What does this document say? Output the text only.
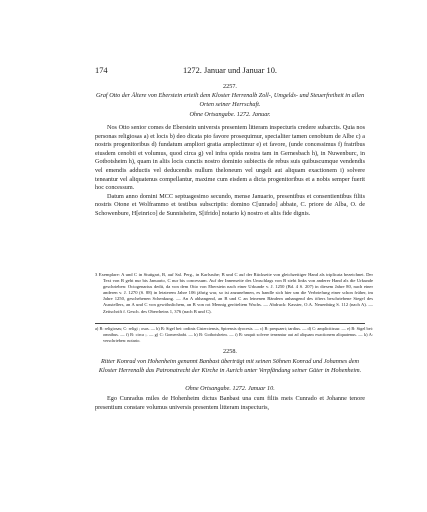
174	1272. Januar und Januar 10.
2257.
Graf Otto der Ältere von Eberstein erteilt dem Kloster Herrenalb Zoll-, Umgelds- und Steuerfreiheit in allen Orten seiner Herrschaft.
Ohne Ortsangabe. 1272. Januar.

Nos Otto senior comes de Eberstein universis presentem litteram inspecturis credere subarctis. Quia nos personas religiosas a) et locis b) deo dicata pio favore prosequimur, specialiter tamen cenobium de Albe c) a nostris progenitoribus d) fundatum ampliori gratia amplectimur e) et favore, (unde concessimus f) fratribus eiusdem cenobii et volumus, quod circa g) vel infra opida nostra tam in Gernesbach h), in Nuwenburc, in Gotbotsheim h), quam in aliis locis cunctis nostro dominio subiectis de rebus suis quibuscumque vendendis vel emendis adductis vel deducendis nullum theloneum vel ungelt aut aliquam exactionem i) solvere teneantur vel aliquatenus compellantur, maxime cum eisdem a dicta progenitoribus et a nobis semper fuerit hoc concessum.

Datum anno domini MCC septuagesimo secundo, mense Januario, presentibus et consentientibus filiis nostris Otone et Wolframmo et testibus subscriptis: domino C[unrado] abbate, C. priore de Alba, O. de Schowenbure, H[einrico] de Sunnisheim, S[ifrido] notario k) nostro et aliis fide dignis.

3 Exemplare: A und C in Stuttgart, B, auf Sal. Perg., in Karlsruhe; B und C auf der Rückseite von gleichzeitiger Hand als triplicata bezeichnet. Der Text von B geht nur bis Januario, C nur bis concessum. Auf der Innenseite des Umschlags von B steht links von anderer Hand als die Urkunde geschrieben: Octogenarius dedit, da von dem Otto von Eberstein nach einer Urkunde v. J. 1250 (Bd. 4 S. 207) in diesem Jahre 80, nach einer anderen v. J. 1270 (S. 88) in letzterem Jahre 106 jährig war, so ist anzunehmen, es handle sich hier um die Verbriefung einer schon früher, im Jahre 1250, geschehenen Schenkung. — An A abhangend, an B und C an leinenen Bändern anhangend des öfters beschriebene Siegel des Ausstellers, an A und C von gewöhnlichem, an B von rot Mennig geröteltem Wachs. — Abdruck: Kasster, O.A. Neuenbürg S. 112 (nach A). — Zeitschrift f. Gesch. des Oberrheins 1, 376 (nach B und C).
a) B: religiosas; C: religi ; osas. — b) B: Sigel bei: ordinis Cisterciensis, Spirensis dyocesis. — c) B: prequaeri; tardius. — d) C: amplicitissur. — e) B: Sigel bei: omnibus. — f) B: circa ;. — g) C: Gomersbabt. — h) B: Gotbotsheim. — i) B: unquit solvere teneantur aut ad aliquam exactionem aliquatenus. — k) A: verschrieben: notario.
2258.
Ritter Konrad von Hohenheim genannt Banbast überträgt mit seinen Söhnen Konrad und Johannes dem Kloster Herrenalb das Patronatrecht der Kirche in Aurich unter Verpfändung seiner Güter in Hohenheim.
Ohne Ortsangabe. 1272. Januar 10.
Ego Cunradus miles de Hohenheim dictus Banbast una cum filiis meis Cunrado et Johanne tenore presentium constare volumus universis presentem litteram inspecturis,
